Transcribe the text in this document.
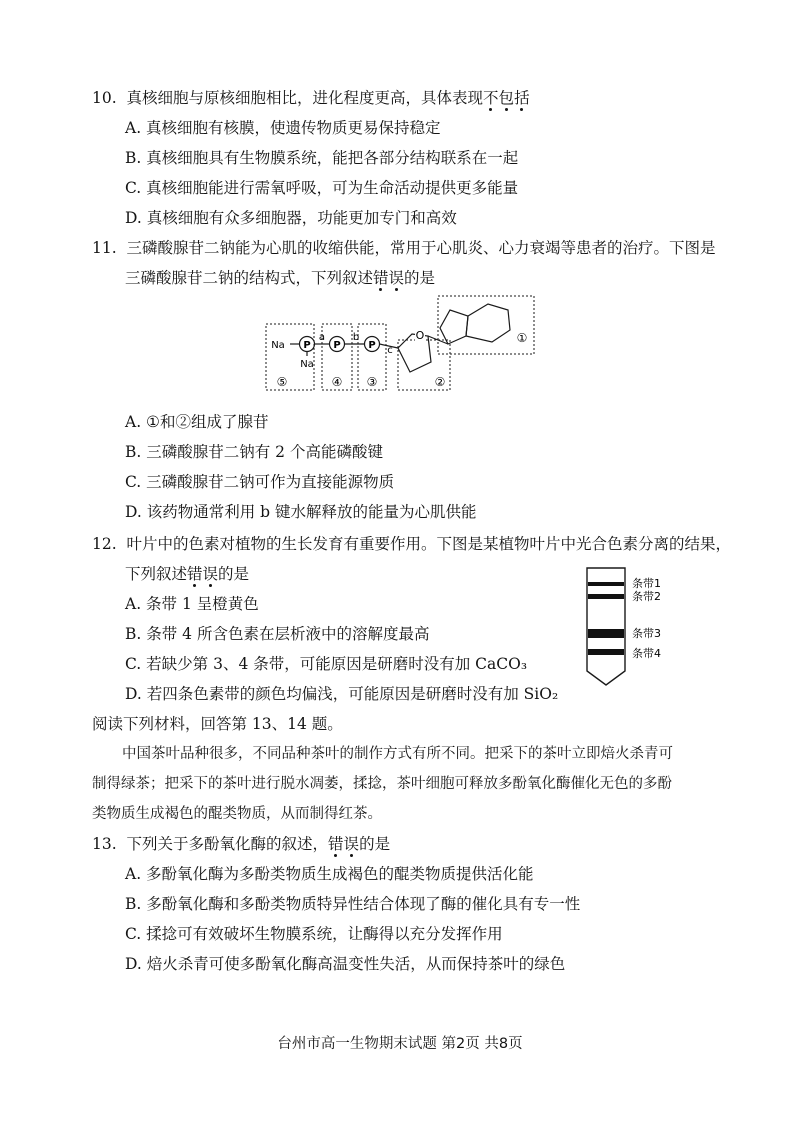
10. 真核细胞与原核细胞相比，进化程度更高，具体表现不包括
A. 真核细胞有核膜，使遗传物质更易保持稳定
B. 真核细胞具有生物膜系统，能把各部分结构联系在一起
C. 真核细胞能进行需氧呼吸，可为生命活动提供更多能量
D. 真核细胞有众多细胞器，功能更加专门和高效
11. 三磷酸腺苷二钠能为心肌的收缩供能，常用于心肌炎、心力衰竭等患者的治疗。下图是
三磷酸腺苷二钠的结构式，下列叙述错误的是
O
Na
Na
P P	P
a	b
c
①
②
③
④
⑤
A. ①和②组成了腺苷
B. 三磷酸腺苷二钠有 2 个高能磷酸键
C. 三磷酸腺苷二钠可作为直接能源物质
D. 该药物通常利用 b 键水解释放的能量为心肌供能
12. 叶片中的色素对植物的生长发育有重要作用。下图是某植物叶片中光合色素分离的结果，
下列叙述错误的是
A. 条带 1 呈橙黄色
B. 条带 4 所含色素在层析液中的溶解度最高
C. 若缺少第 3、4 条带，可能原因是研磨时没有加 CaCO₃
D. 若四条色素带的颜色均偏浅，可能原因是研磨时没有加 SiO₂
条带1
条带2
条带3
条带4
阅读下列材料，回答第 13、14 题。
中国茶叶品种很多，不同品种茶叶的制作方式有所不同。把采下的茶叶立即焙火杀青可
制得绿茶；把采下的茶叶进行脱水凋萎，揉捻，茶叶细胞可释放多酚氧化酶催化无色的多酚
类物质生成褐色的醌类物质，从而制得红茶。
13. 下列关于多酚氧化酶的叙述，错误的是
A. 多酚氧化酶为多酚类物质生成褐色的醌类物质提供活化能
B. 多酚氧化酶和多酚类物质特异性结合体现了酶的催化具有专一性
C. 揉捻可有效破坏生物膜系统，让酶得以充分发挥作用
D. 焙火杀青可使多酚氧化酶高温变性失活，从而保持茶叶的绿色
台州市高一生物期末试题 第2页 共8页
